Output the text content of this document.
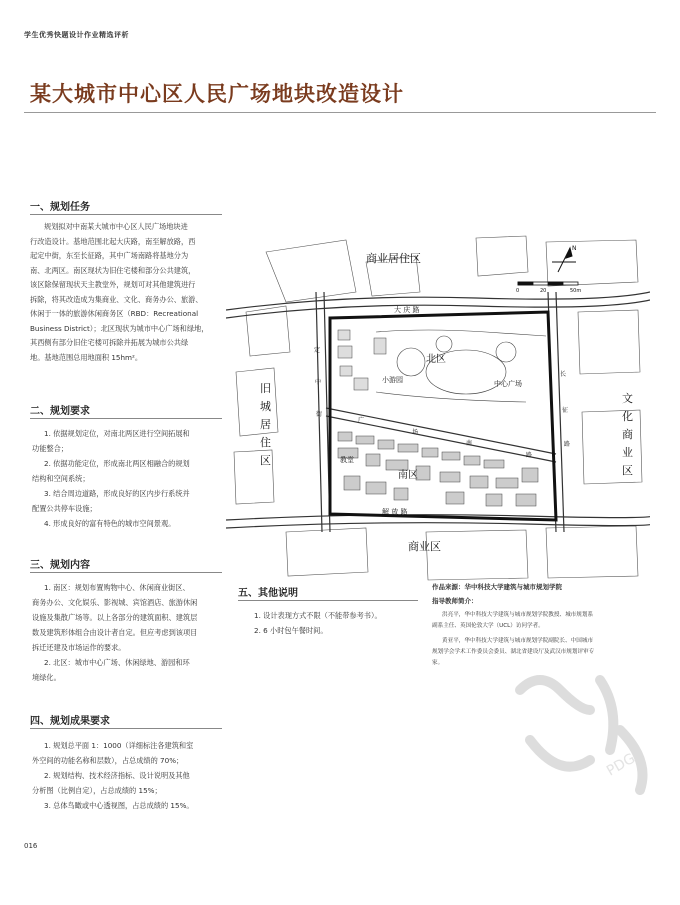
学生优秀快题设计作业精选评析
某大城市中心区人民广场地块改造设计
一、规划任务

规划拟对中南某大城市中心区人民广场地块进

行改造设计。基地范围北起大庆路，南至解放路，西

起定中街，东至长征路，其中广场南路将基地分为

南、北两区。南区现状为旧住宅楼和部分公共建筑，

该区除保留现状天主教堂外，规划可对其他建筑进行

拆除，将其改造成为集商业、文化、商务办公、旅游、

休闲于一体的旅游休闲商务区（RBD：Recreational

Business District）；北区现状为城市中心广场和绿地，

其西侧有部分旧住宅楼可拆除并拓展为城市公共绿

地。基地范围总用地面积 15hm²。

二、规划要求

1. 依据规划定位，对南北两区进行空间拓展和

功能整合；

2. 依据功能定位，形成南北两区相融合的规划

结构和空间系统；

3. 结合周边道路，形成良好的区内步行系统并

配置公共停车设施；

4. 形成良好的富有特色的城市空间景观。

三、规划内容

1. 南区：规划布置购物中心、休闲商业街区、

商务办公、文化娱乐、影视城、宾馆酒店、旅游休闲

设施及集散广场等。以上各部分的建筑面积、建筑层

数及建筑形体组合由设计者自定。但应考虑到该项目

拆迁还建及市场运作的要求。

2. 北区：城市中心广场、休闲绿地、游园和环

境绿化。

四、规划成果要求

1. 规划总平面 1：1000（详细标注各建筑和室

外空间的功能名称和层数），占总成绩的 70%；

2. 规划结构、技术经济指标、设计说明及其他

分析图（比例自定），占总成绩的 15%；

3. 总体鸟瞰或中心透视图，占总成绩的 15%。

五、其他说明

1. 设计表现方式不限（不能带参考书）。

2. 6 小时包午餐时间。

作品来源：华中科技大学建筑与城市规划学院

指导教师简介：

洪亮平，华中科技大学建筑与城市规划学院教授、城市规划系

副系主任、英国伦敦大学（UCL）访问学者。

黄亚平，华中科技大学建筑与城市规划学院副院长、中国城市

规划学会学术工作委员会委员、湖北省建设厅及武汉市规划评审专

家。

商业居住区
北区
南区
小游园	中心广场
教堂
大 庆 路
解 放 路
商业区
旧
城
居
住
区
文
化
商
业
区
长
征
路
定
中
街
广
场
南
路
0	20	50m
N
PDG
016
